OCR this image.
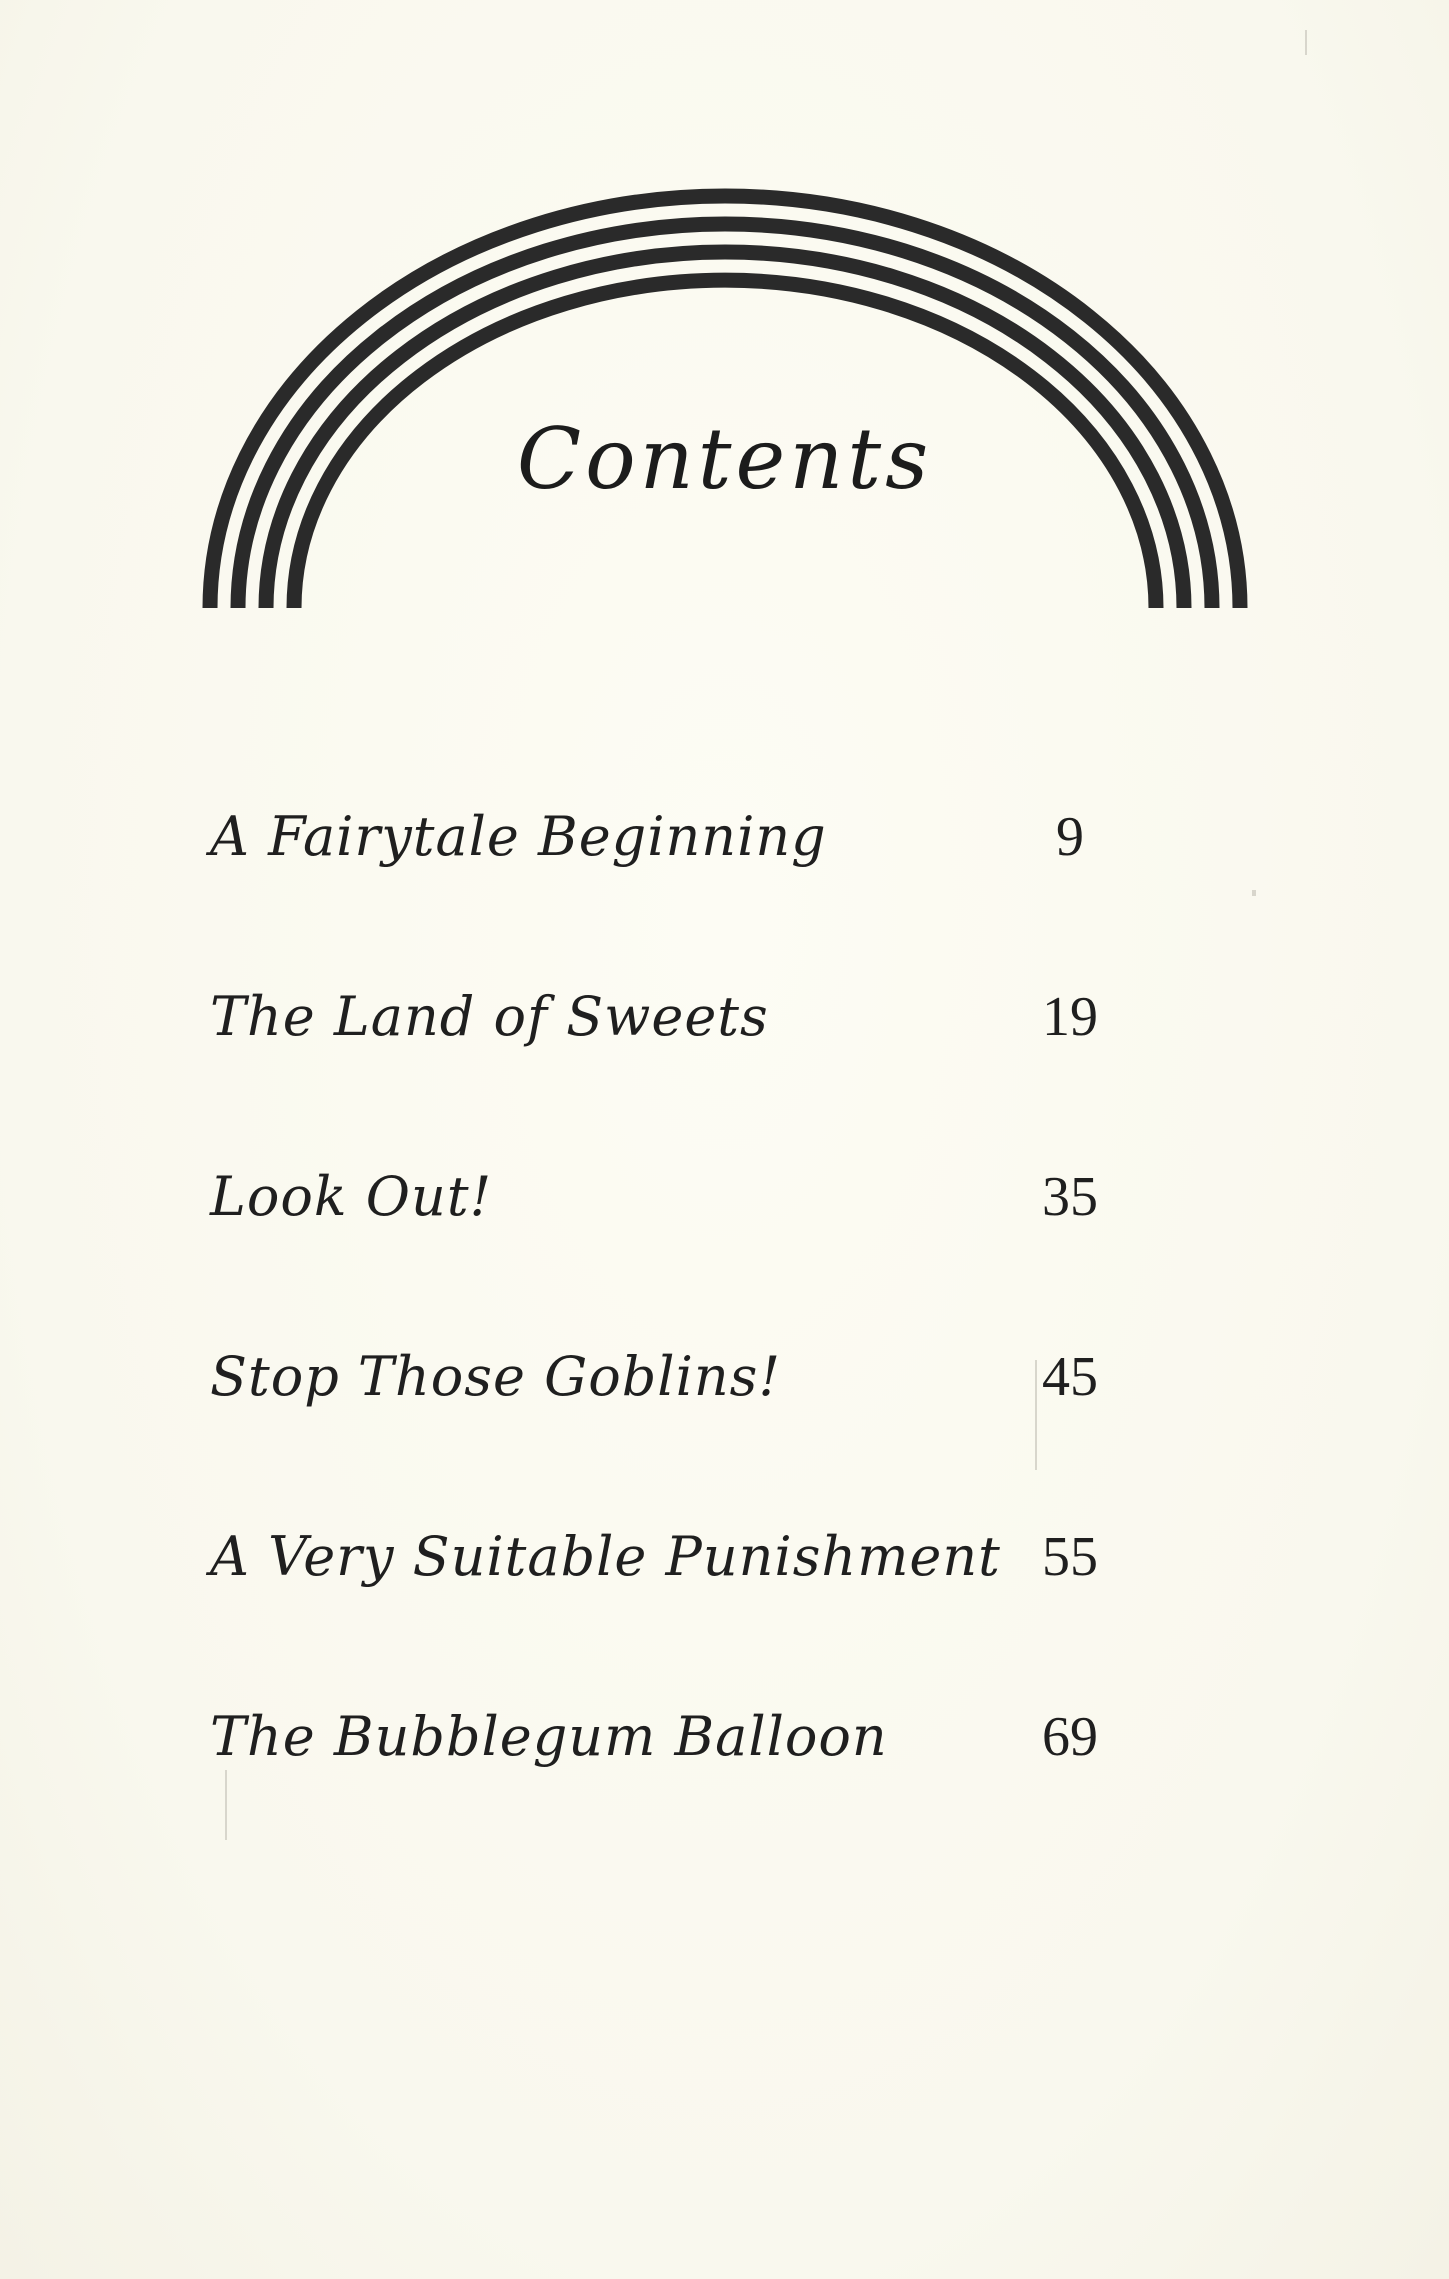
Contents
A Fairytale Beginning	9
The Land of Sweets	19
Look Out!	35
Stop Those Goblins!	45
A Very Suitable Punishment 55
The Bubblegum Balloon	69
